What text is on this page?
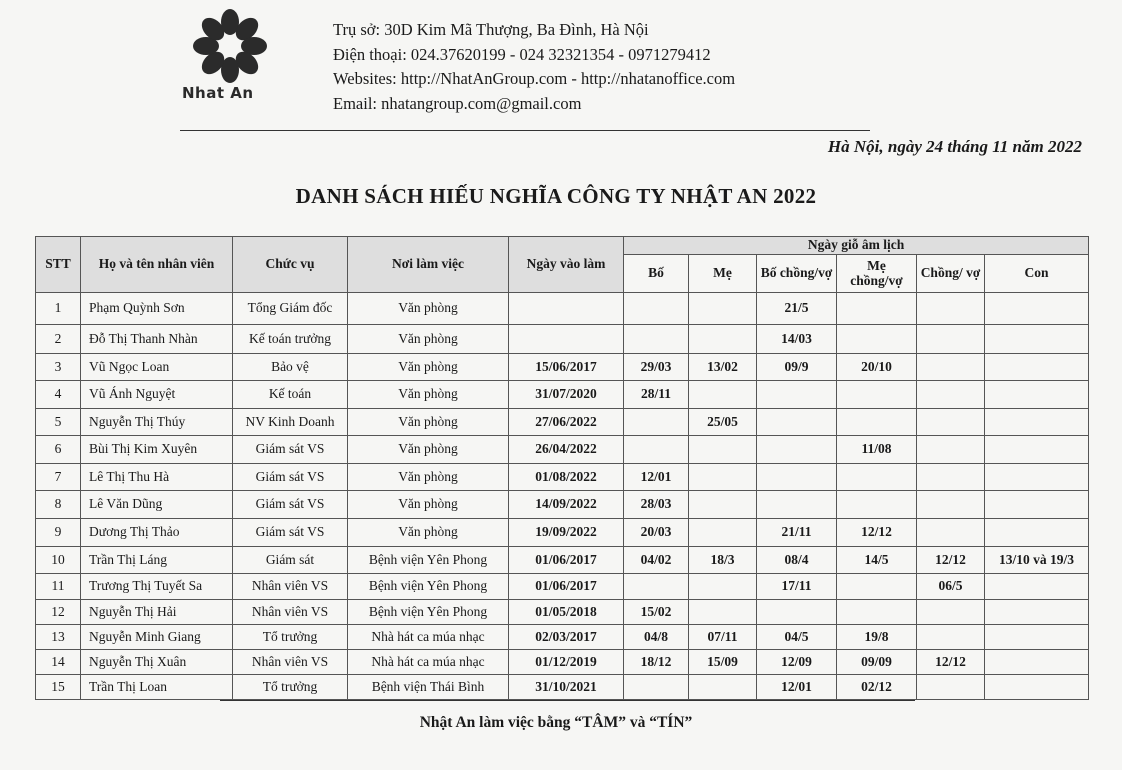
Nhat An
Trụ sở: 30D Kim Mã Thượng, Ba Đình, Hà Nội
Điện thoại: 024.37620199 - 024 32321354 - 0971279412
Websites: http://NhatAnGroup.com - http://nhatanoffice.com
Email: nhatangroup.com@gmail.com
Hà Nội, ngày 24 tháng 11 năm 2022
DANH SÁCH HIẾU NGHĨA CÔNG TY NHẬT AN 2022
STT	Họ và tên nhân viên	Chức vụ	Nơi làm việc	Ngày vào làm	Ngày giỗ âm lịch					
					Bố	Mẹ	Bố chồng/vợ	Mẹ chồng/vợ	Chồng/ vợ	Con
1	Phạm Quỳnh Sơn	Tổng Giám đốc	Văn phòng				21/5			
2	Đỗ Thị Thanh Nhàn	Kế toán trưởng	Văn phòng				14/03			
3	Vũ Ngọc Loan	Bảo vệ	Văn phòng	15/06/2017	29/03	13/02	09/9	20/10		
4	Vũ Ánh Nguyệt	Kế toán	Văn phòng	31/07/2020	28/11					
5	Nguyễn Thị Thúy	NV Kinh Doanh	Văn phòng	27/06/2022		25/05				
6	Bùi Thị Kim Xuyên	Giám sát VS	Văn phòng	26/04/2022				11/08		
7	Lê Thị Thu Hà	Giám sát VS	Văn phòng	01/08/2022	12/01					
8	Lê Văn Dũng	Giám sát VS	Văn phòng	14/09/2022	28/03					
9	Dương Thị Thảo	Giám sát VS	Văn phòng	19/09/2022	20/03		21/11	12/12		
10	Trần Thị Láng	Giám sát	Bệnh viện Yên Phong	01/06/2017	04/02	18/3	08/4	14/5	12/12	13/10 và 19/3
11	Trương Thị Tuyết Sa	Nhân viên VS	Bệnh viện Yên Phong	01/06/2017			17/11		06/5	
12	Nguyễn Thị Hải	Nhân viên VS	Bệnh viện Yên Phong	01/05/2018	15/02					
13	Nguyễn Minh Giang	Tổ trưởng	Nhà hát ca múa nhạc	02/03/2017	04/8	07/11	04/5	19/8		
14	Nguyễn Thị Xuân	Nhân viên VS	Nhà hát ca múa nhạc	01/12/2019	18/12	15/09	12/09	09/09	12/12	
15	Trần Thị Loan	Tổ trưởng	Bệnh viện Thái Bình	31/10/2021			12/01	02/12		
Nhật An làm việc bằng “TÂM” và “TÍN”
